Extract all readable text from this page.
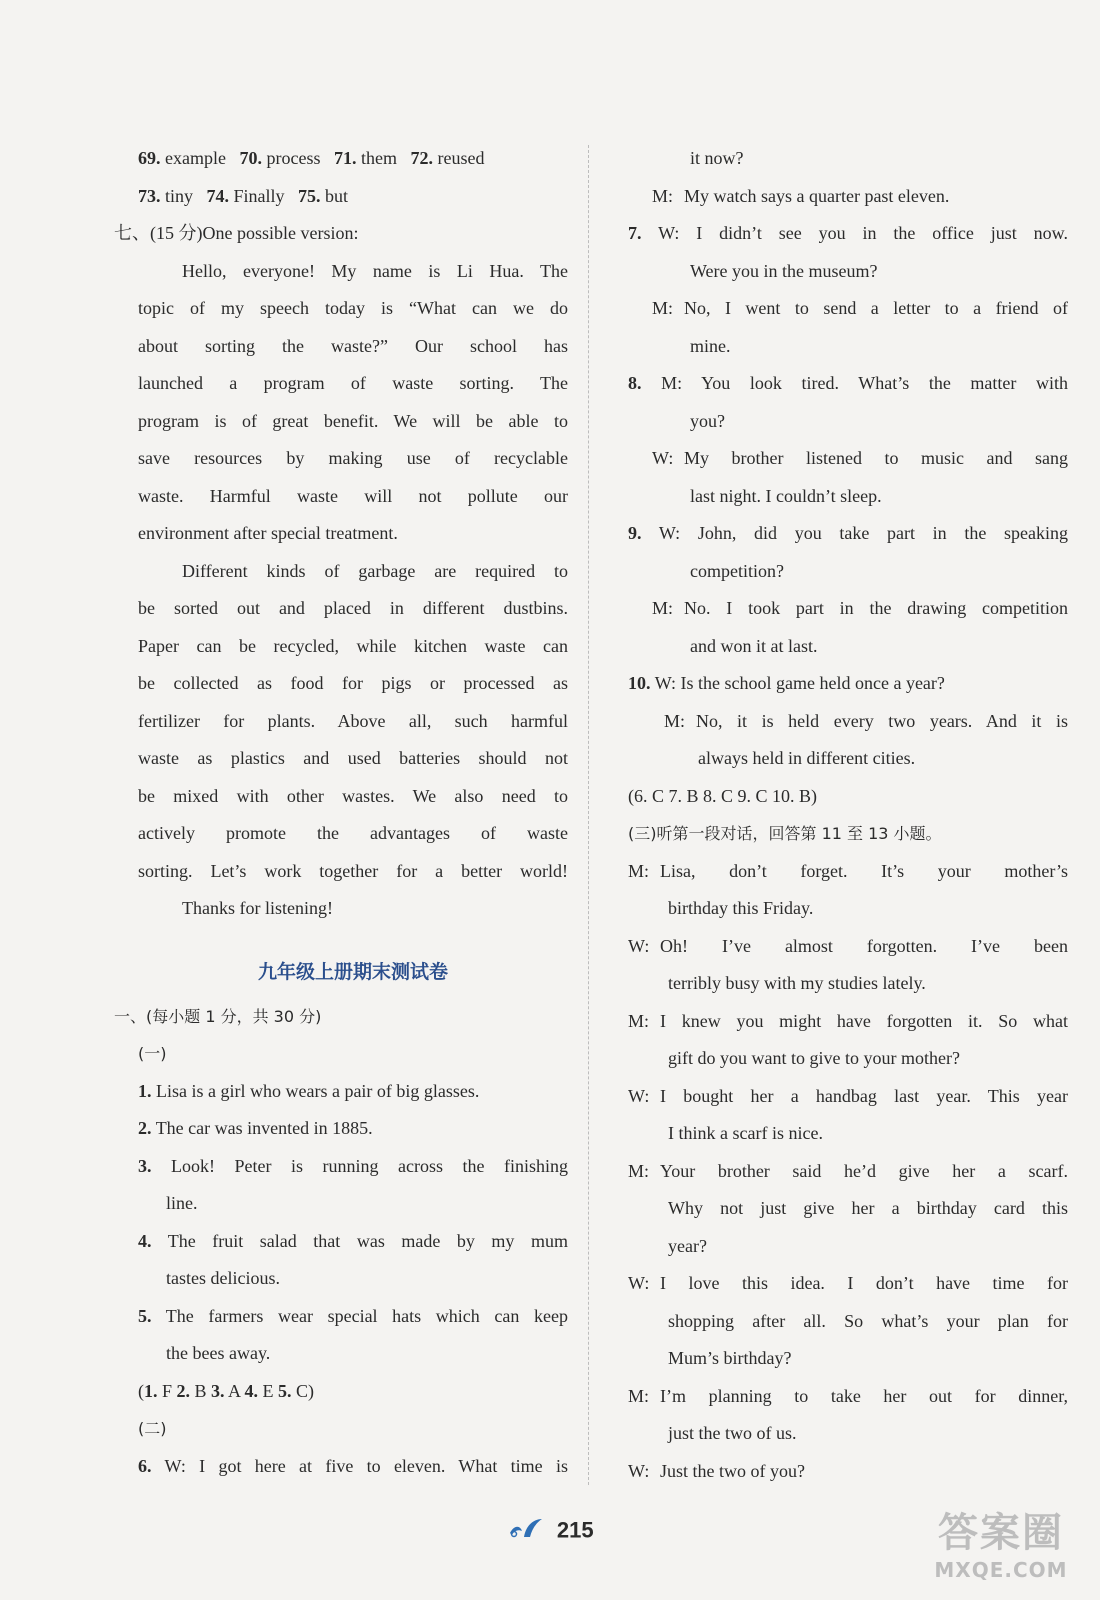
69. example 70. process 71. them 72. reused
73. tiny 74. Finally 75. but
七、(15 分)One possible version:
Hello, everyone! My name is Li Hua. The
topic of my speech today is “What can we do
about sorting the waste?” Our school has
launched a program of waste sorting. The
program is of great benefit. We will be able to
save resources by making use of recyclable
waste. Harmful waste will not pollute our
environment after special treatment.
Different kinds of garbage are required to
be sorted out and placed in different dustbins.
Paper can be recycled, while kitchen waste can
be collected as food for pigs or processed as
fertilizer for plants. Above all, such harmful
waste as plastics and used batteries should not
be mixed with other wastes. We also need to
actively promote the advantages of waste
sorting. Let’s work together for a better world!
Thanks for listening!
九年级上册期末测试卷
一、(每小题 1 分，共 30 分)
(一)
1. Lisa is a girl who wears a pair of big glasses.
2. The car was invented in 1885.
3. Look! Peter is running across the finishing
line.
4. The fruit salad that was made by my mum
tastes delicious.
5. The farmers wear special hats which can keep
the bees away.
(1. F 2. B 3. A 4. E 5. C)
(二)
6. W: I got here at five to eleven. What time is
it now?
M: My watch says a quarter past eleven.
7. W: I didn’t see you in the office just now.
Were you in the museum?
M: No, I went to send a letter to a friend of
mine.
8. M: You look tired. What’s the matter with
you?
W: My brother listened to music and sang
last night. I couldn’t sleep.
9. W: John, did you take part in the speaking
competition?
M: No. I took part in the drawing competition
and won it at last.
10. W: Is the school game held once a year?
M: No, it is held every two years. And it is
always held in different cities.
(6. C 7. B 8. C 9. C 10. B)
(三)听第一段对话，回答第 11 至 13 小题。
M: Lisa, don’t forget. It’s your mother’s
birthday this Friday.
W: Oh! I’ve almost forgotten. I’ve been
terribly busy with my studies lately.
M: I knew you might have forgotten it. So what
gift do you want to give to your mother?
W: I bought her a handbag last year. This year
I think a scarf is nice.
M: Your brother said he’d give her a scarf.
Why not just give her a birthday card this
year?
W: I love this idea. I don’t have time for
shopping after all. So what’s your plan for
Mum’s birthday?
M: I’m planning to take her out for dinner,
just the two of us.
W: Just the two of you?
215	答案圈
MXQE.COM
